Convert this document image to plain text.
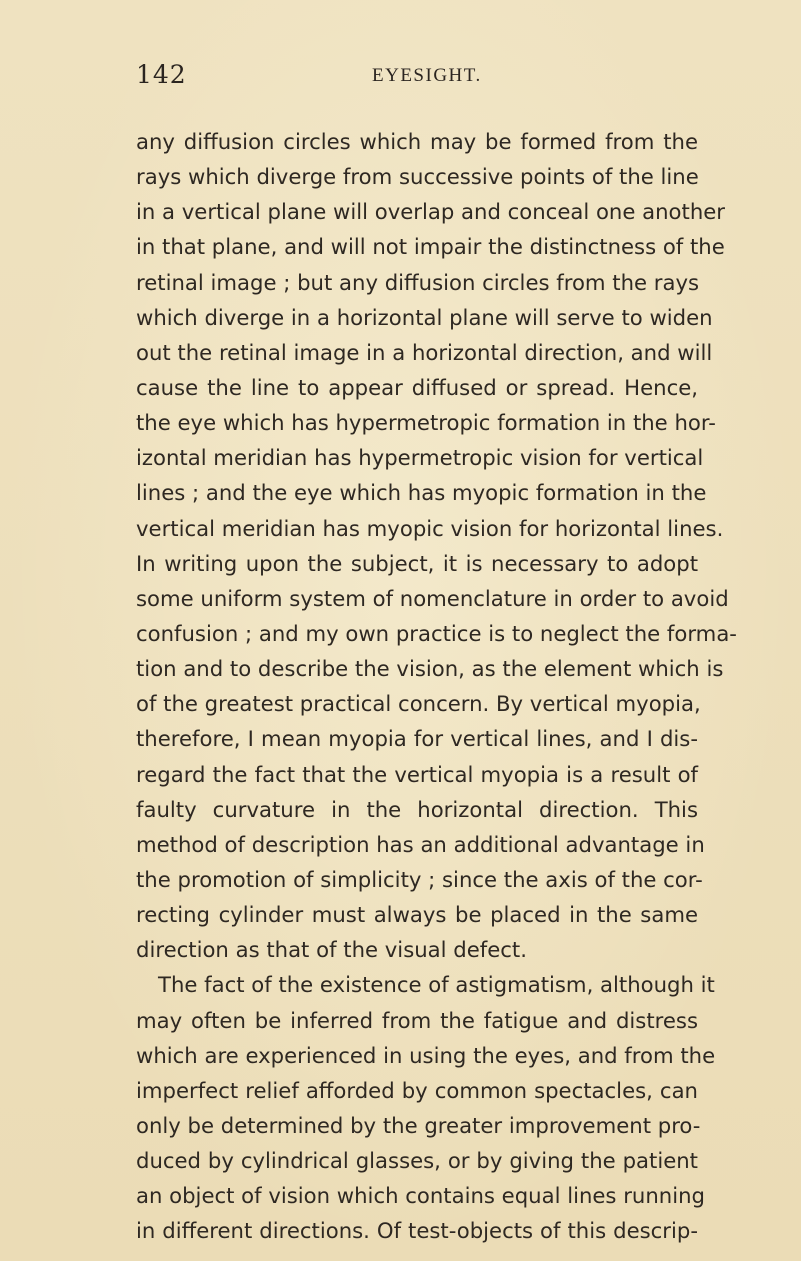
142	EYESIGHT.
any diffusion circles which may be formed from the
rays which diverge from successive points of the line
in a vertical plane will overlap and conceal one another
in that plane, and will not impair the distinctness of the
retinal image ; but any diffusion circles from the rays
which diverge in a horizontal plane will serve to widen
out the retinal image in a horizontal direction, and will
cause the line to appear diffused or spread. Hence,
the eye which has hypermetropic formation in the hor-
izontal meridian has hypermetropic vision for vertical
lines ; and the eye which has myopic formation in the
vertical meridian has myopic vision for horizontal lines.
In writing upon the subject, it is necessary to adopt
some uniform system of nomenclature in order to avoid
confusion ; and my own practice is to neglect the forma-
tion and to describe the vision, as the element which is
of the greatest practical concern. By vertical myopia,
therefore, I mean myopia for vertical lines, and I dis-
regard the fact that the vertical myopia is a result of
faulty curvature in the horizontal direction. This
method of description has an additional advantage in
the promotion of simplicity ; since the axis of the cor-
recting cylinder must always be placed in the same
direction as that of the visual defect.
The fact of the existence of astigmatism, although it
may often be inferred from the fatigue and distress
which are experienced in using the eyes, and from the
imperfect relief afforded by common spectacles, can
only be determined by the greater improvement pro-
duced by cylindrical glasses, or by giving the patient
an object of vision which contains equal lines running
in different directions. Of test-objects of this descrip-
